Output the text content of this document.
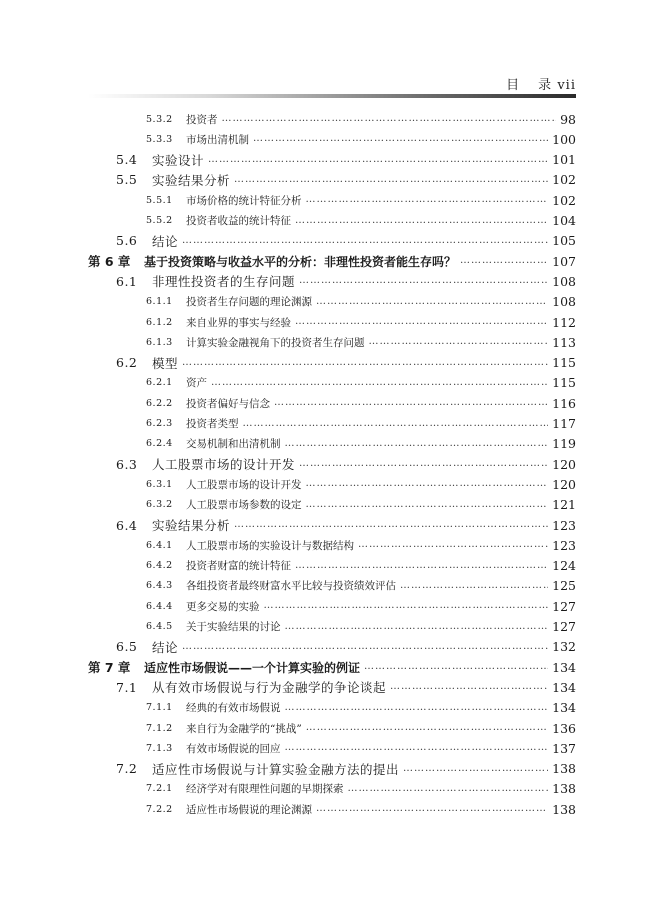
目 录 vii
5.3.2	投资者 …………………………………………………………………………………………………………………………………………………………………………………………	98
5.3.3	市场出清机制 …………………………………………………………………………………………………………………………………………………………………………………………	100
5.4	实验设计 …………………………………………………………………………………………………………………………………………………………………………………………	101
5.5	实验结果分析 …………………………………………………………………………………………………………………………………………………………………………………………	102
5.5.1	市场价格的统计特征分析 …………………………………………………………………………………………………………………………………………………………………………………………	102
5.5.2	投资者收益的统计特征 …………………………………………………………………………………………………………………………………………………………………………………………	104
5.6	结论 …………………………………………………………………………………………………………………………………………………………………………………………	105
第 6 章	基于投资策略与收益水平的分析：非理性投资者能生存吗？ …………………………………………………………………………………………………………………………………………………………………………………………	107
6.1	非理性投资者的生存问题 …………………………………………………………………………………………………………………………………………………………………………………………	108
6.1.1	投资者生存问题的理论渊源 …………………………………………………………………………………………………………………………………………………………………………………………	108
6.1.2	来自业界的事实与经验 …………………………………………………………………………………………………………………………………………………………………………………………	112
6.1.3	计算实验金融视角下的投资者生存问题 …………………………………………………………………………………………………………………………………………………………………………………………	113
6.2	模型 …………………………………………………………………………………………………………………………………………………………………………………………	115
6.2.1	资产 …………………………………………………………………………………………………………………………………………………………………………………………	115
6.2.2	投资者偏好与信念 …………………………………………………………………………………………………………………………………………………………………………………………	116
6.2.3	投资者类型 …………………………………………………………………………………………………………………………………………………………………………………………	117
6.2.4	交易机制和出清机制 …………………………………………………………………………………………………………………………………………………………………………………………	119
6.3	人工股票市场的设计开发 …………………………………………………………………………………………………………………………………………………………………………………………	120
6.3.1	人工股票市场的设计开发 …………………………………………………………………………………………………………………………………………………………………………………………	120
6.3.2	人工股票市场参数的设定 …………………………………………………………………………………………………………………………………………………………………………………………	121
6.4	实验结果分析 …………………………………………………………………………………………………………………………………………………………………………………………	123
6.4.1	人工股票市场的实验设计与数据结构 …………………………………………………………………………………………………………………………………………………………………………………………	123
6.4.2	投资者财富的统计特征 …………………………………………………………………………………………………………………………………………………………………………………………	124
6.4.3	各组投资者最终财富水平比较与投资绩效评估 …………………………………………………………………………………………………………………………………………………………………………………………	125
6.4.4	更多交易的实验 …………………………………………………………………………………………………………………………………………………………………………………………	127
6.4.5	关于实验结果的讨论 …………………………………………………………………………………………………………………………………………………………………………………………	127
6.5	结论 …………………………………………………………………………………………………………………………………………………………………………………………	132
第 7 章	适应性市场假说——一个计算实验的例证 …………………………………………………………………………………………………………………………………………………………………………………………	134
7.1	从有效市场假说与行为金融学的争论谈起 …………………………………………………………………………………………………………………………………………………………………………………………	134
7.1.1	经典的有效市场假说 …………………………………………………………………………………………………………………………………………………………………………………………	134
7.1.2	来自行为金融学的“挑战” …………………………………………………………………………………………………………………………………………………………………………………………	136
7.1.3	有效市场假说的回应 …………………………………………………………………………………………………………………………………………………………………………………………	137
7.2	适应性市场假说与计算实验金融方法的提出 …………………………………………………………………………………………………………………………………………………………………………………………	138
7.2.1	经济学对有限理性问题的早期探索 …………………………………………………………………………………………………………………………………………………………………………………………	138
7.2.2	适应性市场假说的理论渊源 …………………………………………………………………………………………………………………………………………………………………………………………	138
